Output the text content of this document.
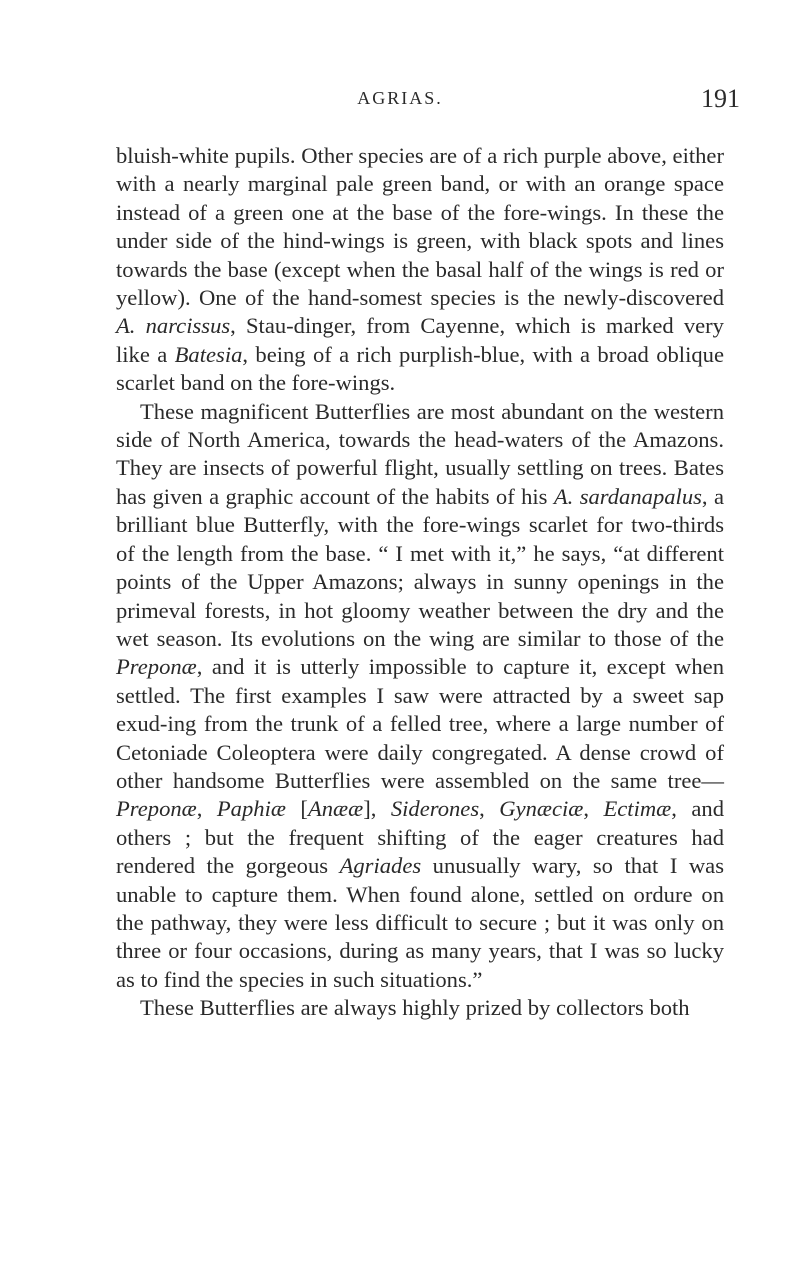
AGRIAS.	191

bluish-white pupils. Other species are of a rich purple above, either with a nearly marginal pale green band, or with an orange space instead of a green one at the base of the fore-wings. In these the under side of the hind-wings is green, with black spots and lines towards the base (except when the basal half of the wings is red or yellow). One of the hand-somest species is the newly-discovered A. narcissus, Stau-dinger, from Cayenne, which is marked very like a Batesia, being of a rich purplish-blue, with a broad oblique scarlet band on the fore-wings.

These magnificent Butterflies are most abundant on the western side of North America, towards the head-waters of the Amazons. They are insects of powerful flight, usually settling on trees. Bates has given a graphic account of the habits of his A. sardanapalus, a brilliant blue Butterfly, with the fore-wings scarlet for two-thirds of the length from the base. “ I met with it,” he says, “at different points of the Upper Amazons; always in sunny openings in the primeval forests, in hot gloomy weather between the dry and the wet season. Its evolutions on the wing are similar to those of the Preponæ, and it is utterly impossible to capture it, except when settled. The first examples I saw were attracted by a sweet sap exud-ing from the trunk of a felled tree, where a large number of Cetoniade Coleoptera were daily congregated. A dense crowd of other handsome Butterflies were assembled on the same tree— Preponæ, Paphiæ [Anææ], Siderones, Gynæciæ, Ectimæ, and others ; but the frequent shifting of the eager creatures had rendered the gorgeous Agriades unusually wary, so that I was unable to capture them. When found alone, settled on ordure on the pathway, they were less difficult to secure ; but it was only on three or four occasions, during as many years, that I was so lucky as to find the species in such situations.”

These Butterflies are always highly prized by collectors both
